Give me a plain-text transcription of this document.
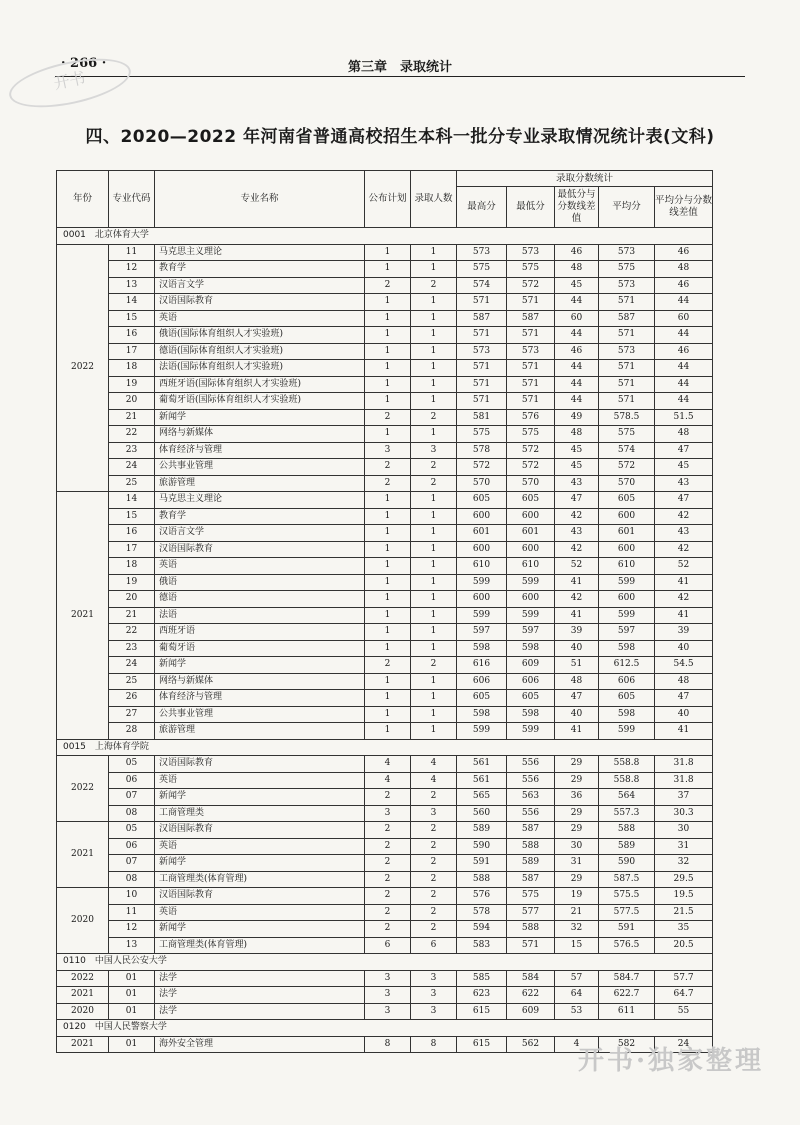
· 266 ·	第三章　录取统计
开书
四、2020—2022 年河南省普通高校招生本科一批分专业录取情况统计表(文科)
年份	专业代码	专业名称	公布计划	录取人数	录取分数统计				
					最高分	最低分	最低分与分数线差值	平均分	平均分与分数线差值
0001　北京体育大学									
2022	11	马克思主义理论	1	1	573	573	46	573	46
	12	教育学	1	1	575	575	48	575	48
	13	汉语言文学	2	2	574	572	45	573	46
	14	汉语国际教育	1	1	571	571	44	571	44
	15	英语	1	1	587	587	60	587	60
	16	俄语(国际体育组织人才实验班)	1	1	571	571	44	571	44
	17	德语(国际体育组织人才实验班)	1	1	573	573	46	573	46
	18	法语(国际体育组织人才实验班)	1	1	571	571	44	571	44
	19	西班牙语(国际体育组织人才实验班)	1	1	571	571	44	571	44
	20	葡萄牙语(国际体育组织人才实验班)	1	1	571	571	44	571	44
	21	新闻学	2	2	581	576	49	578.5	51.5
	22	网络与新媒体	1	1	575	575	48	575	48
	23	体育经济与管理	3	3	578	572	45	574	47
	24	公共事业管理	2	2	572	572	45	572	45
	25	旅游管理	2	2	570	570	43	570	43
2021	14	马克思主义理论	1	1	605	605	47	605	47
	15	教育学	1	1	600	600	42	600	42
	16	汉语言文学	1	1	601	601	43	601	43
	17	汉语国际教育	1	1	600	600	42	600	42
	18	英语	1	1	610	610	52	610	52
	19	俄语	1	1	599	599	41	599	41
	20	德语	1	1	600	600	42	600	42
	21	法语	1	1	599	599	41	599	41
	22	西班牙语	1	1	597	597	39	597	39
	23	葡萄牙语	1	1	598	598	40	598	40
	24	新闻学	2	2	616	609	51	612.5	54.5
	25	网络与新媒体	1	1	606	606	48	606	48
	26	体育经济与管理	1	1	605	605	47	605	47
	27	公共事业管理	1	1	598	598	40	598	40
	28	旅游管理	1	1	599	599	41	599	41
0015　上海体育学院									
2022	05	汉语国际教育	4	4	561	556	29	558.8	31.8
	06	英语	4	4	561	556	29	558.8	31.8
	07	新闻学	2	2	565	563	36	564	37
	08	工商管理类	3	3	560	556	29	557.3	30.3
2021	05	汉语国际教育	2	2	589	587	29	588	30
	06	英语	2	2	590	588	30	589	31
	07	新闻学	2	2	591	589	31	590	32
	08	工商管理类(体育管理)	2	2	588	587	29	587.5	29.5
2020	10	汉语国际教育	2	2	576	575	19	575.5	19.5
	11	英语	2	2	578	577	21	577.5	21.5
	12	新闻学	2	2	594	588	32	591	35
	13	工商管理类(体育管理)	6	6	583	571	15	576.5	20.5
0110　中国人民公安大学									
2022	01	法学	3	3	585	584	57	584.7	57.7
2021	01	法学	3	3	623	622	64	622.7	64.7
2020	01	法学	3	3	615	609	53	611	55
0120　中国人民警察大学									
2021	01	海外安全管理	8	8	615	562	4	582	24
开书·独家整理
